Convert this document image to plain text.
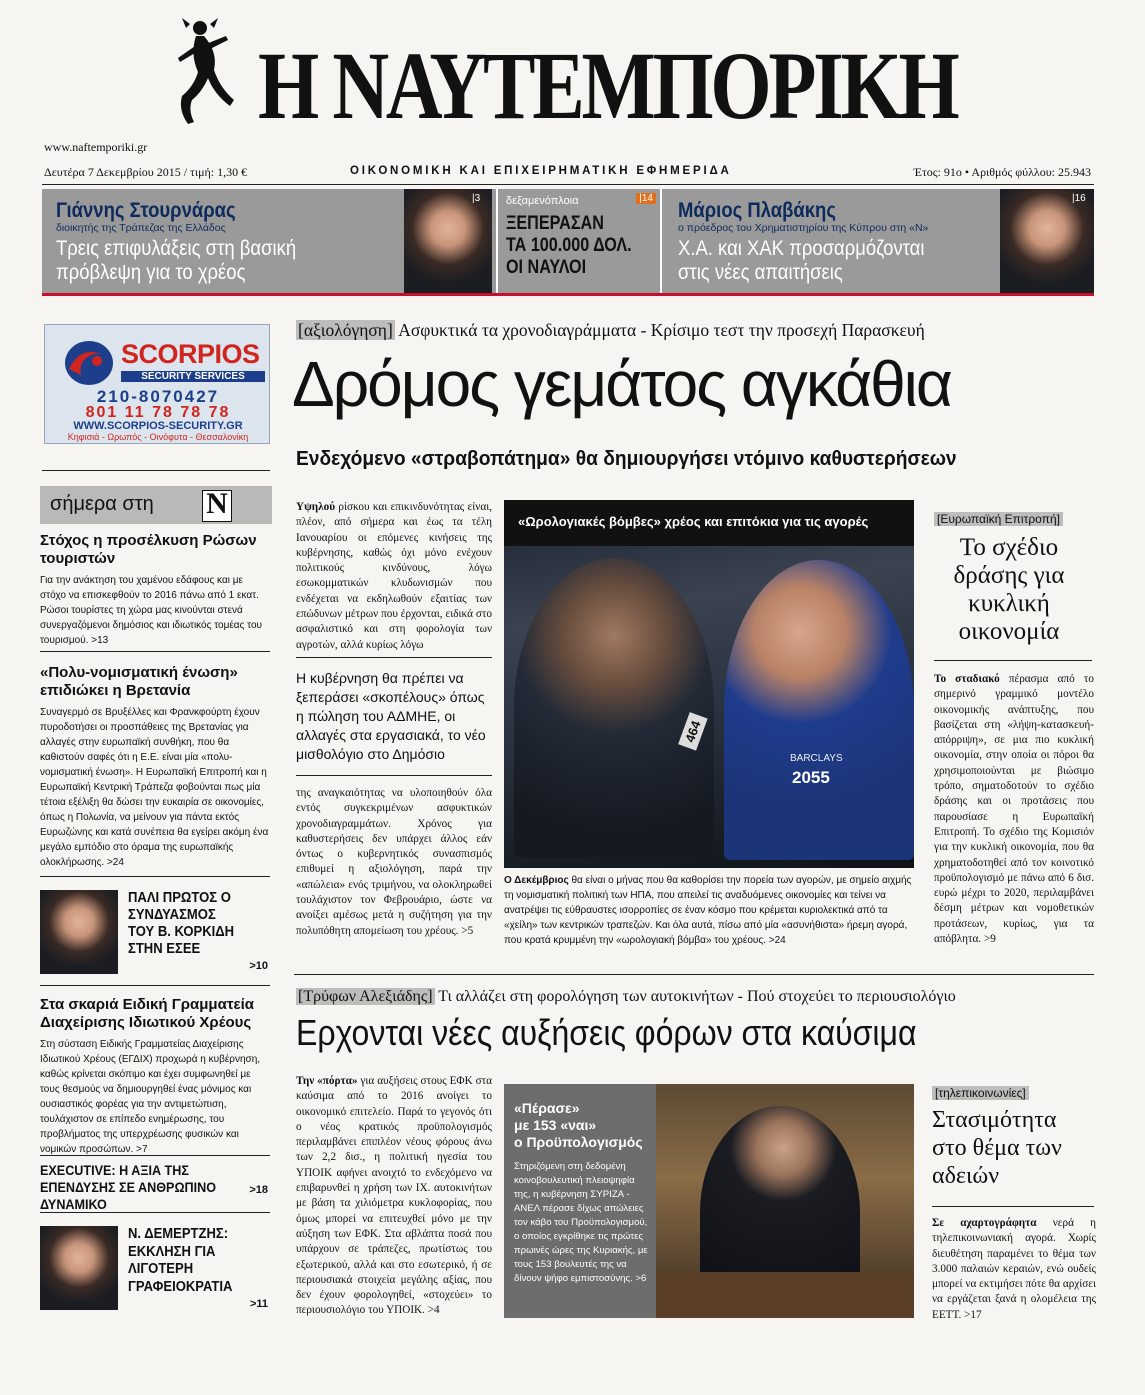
Η ΝΑΥΤΕΜΠΟΡΙΚΗ
www.naftemporiki.gr
Δευτέρα 7 Δεκεμβρίου 2015 / τιμή: 1,30 €	ΟΙΚΟΝΟΜΙΚΗ ΚΑΙ ΕΠΙΧΕΙΡΗΜΑΤΙΚΗ ΕΦΗΜΕΡΙΔΑ	Έτος: 91ο • Αριθμός φύλλου: 25.943
Γιάννης Στουρνάρας
διοικητής της Τράπεζας της Ελλάδος
Τρεις επιφυλάξεις στη βασική
πρόβλεψη για το χρέος
|3 δεξαμενόπλοια	|14
ΞΕΠΕΡΑΣΑΝ
ΤΑ 100.000 ΔΟΛ.
ΟΙ ΝΑΥΛΟΙ
Μάριος Πλαβάκης
ο πρόεδρος του Χρηματιστηρίου της Κύπρου στη «Ν»
Χ.Α. και ΧΑΚ προσαρμόζονται
στις νέες απαιτήσεις
|16
SCORPIOS
SECURITY SERVICES
210-8070427
801 11 78 78 78
WWW.SCORPIOS-SECURITY.GR
Κηφισιά - Ωρωπός - Οινόφυτα - Θεσσαλονίκη
σήμερα στη Ν
Στόχος η προσέλκυση Ρώσων τουριστών
Για την ανάκτηση του χαμένου εδάφους και με στόχο να επισκεφθούν το 2016 πάνω από 1 εκατ. Ρώσοι τουρίστες τη χώρα μας κινούνται στενά συνεργαζόμενοι δημόσιος και ιδιωτικός τομέας του τουρισμού. >13
«Πολυ-νομισματική ένωση» επιδιώκει η Βρετανία
Συναγερμό σε Βρυξέλλες και Φρανκφούρτη έχουν πυροδοτήσει οι προσπάθειες της Βρετανίας για αλλαγές στην ευρωπαϊκή συνθήκη, που θα καθιστούν σαφές ότι η Ε.Ε. είναι μία «πολυ-νομισματική ένωση». Η Ευρωπαϊκή Επιτροπή και η Ευρωπαϊκή Κεντρική Τράπεζα φοβούνται πως μία τέτοια εξέλιξη θα δώσει την ευκαιρία σε οικονομίες, όπως η Πολωνία, να μείνουν για πάντα εκτός Ευρωζώνης και κατά συνέπεια θα εγείρει ακόμη ένα μεγάλο εμπόδιο στο όραμα της ευρωπαϊκής ολοκλήρωσης. >24
ΠΑΛΙ ΠΡΩΤΟΣ Ο ΣΥΝΔΥΑΣΜΟΣ ΤΟΥ Β. ΚΟΡΚΙΔΗ ΣΤΗΝ ΕΣΕΕ
>10
Στα σκαριά Ειδική Γραμματεία Διαχείρισης Ιδιωτικού Χρέους
Στη σύσταση Ειδικής Γραμματείας Διαχείρισης Ιδιωτικού Χρέους (ΕΓΔΙΧ) προχωρά η κυβέρνηση, καθώς κρίνεται σκόπιμο και έχει συμφωνηθεί με τους θεσμούς να δημιουργηθεί ένας μόνιμος και ουσιαστικός φορέας για την αντιμετώπιση, τουλάχιστον σε επίπεδο ενημέρωσης, του προβλήματος της υπερχρέωσης φυσικών και νομικών προσώπων. >7
EXECUTIVE: Η ΑΞΙΑ ΤΗΣ ΕΠΕΝΔΥΣΗΣ ΣΕ ΑΝΘΡΩΠΙΝΟ ΔΥΝΑΜΙΚΟ
>18
Ν. ΔΕΜΕΡΤΖΗΣ: ΕΚΚΛΗΣΗ ΓΙΑ ΛΙΓΟΤΕΡΗ ΓΡΑΦΕΙΟΚΡΑΤΙΑ
>11
[αξιολόγηση] Ασφυκτικά τα χρονοδιαγράμματα - Κρίσιμο τεστ την προσεχή Παρασκευή
Δρόμος γεμάτος αγκάθια
Ενδεχόμενο «στραβοπάτημα» θα δημιουργήσει ντόμινο καθυστερήσεων
Υψηλού ρίσκου και επικινδυνότητας είναι, πλέον, από σήμερα και έως τα τέλη Ιανουαρίου οι επόμενες κινήσεις της κυβέρνησης, καθώς όχι μόνο ενέχουν πολιτικούς κινδύνους, λόγω εσωκομματικών κλυδωνισμών που ενδέχεται να εκδηλωθούν εξαιτίας των επώδυνων μέτρων που έρχονται, ειδικά στο ασφαλιστικό και στη φορολογία των αγροτών, αλλά κυρίως λόγω
Η κυβέρνηση θα πρέπει να ξεπεράσει «σκοπέλους» όπως η πώληση του ΑΔΜΗΕ, οι αλλαγές στα εργασιακά, το νέο μισθολόγιο στο Δημόσιο
της αναγκαιότητας να υλοποιηθούν όλα εντός συγκεκριμένων ασφυκτικών χρονοδιαγραμμάτων. Χρόνος για καθυστερήσεις δεν υπάρχει άλλος εάν όντως ο κυβερνητικός συνασπισμός επιθυμεί η αξιολόγηση, παρά την «απώλεια» ενός τριμήνου, να ολοκληρωθεί τουλάχιστον τον Φεβρουάριο, ώστε να ανοίξει αμέσως μετά η συζήτηση για την πολυπόθητη απομείωση του χρέους. >5
464
BARCLAYS
2055
«Ωρολογιακές βόμβες» χρέος και επιτόκια για τις αγορές
Ο Δεκέμβριος θα είναι ο μήνας που θα καθορίσει την πορεία των αγορών, με σημείο αιχμής τη νομισματική πολιτική των ΗΠΑ, που απειλεί τις αναδυόμενες οικονομίες και τείνει να ανατρέψει τις εύθραυστες ισορροπίες σε έναν κόσμο που κρέμεται κυριολεκτικά από τα «χείλη» των κεντρικών τραπεζών. Και όλα αυτά, πίσω από μία «ασυνήθιστα» ήρεμη αγορά, που κρατά κρυμμένη την «ωρολογιακή βόμβα» του χρέους. >24
[Ευρωπαϊκή Επιτροπή]
Το σχέδιο δράσης για κυκλική οικονομία
Το σταδιακό πέρασμα από το σημερινό γραμμικό μοντέλο οικονομικής ανάπτυξης, που βασίζεται στη «λήψη-κατασκευή-απόρριψη», σε μια πιο κυκλική οικονομία, στην οποία οι πόροι θα χρησιμοποιούνται με βιώσιμο τρόπο, σηματοδοτούν το σχέδιο δράσης και οι προτάσεις που παρουσίασε η Ευρωπαϊκή Επιτροπή. Το σχέδιο της Κομισιόν για την κυκλική οικονομία, που θα χρηματοδοτηθεί από τον κοινοτικό προϋπολογισμό με πάνω από 6 δισ. ευρώ μέχρι το 2020, περιλαμβάνει δέσμη μέτρων και νομοθετικών προτάσεων, κυρίως, για τα απόβλητα. >9
[Τρύφων Αλεξιάδης] Τι αλλάζει στη φορολόγηση των αυτοκινήτων - Πού στοχεύει το περιουσιολόγιο
Ερχονται νέες αυξήσεις φόρων στα καύσιμα
Την «πόρτα» για αυξήσεις στους ΕΦΚ στα καύσιμα από το 2016 ανοίγει το οικονομικό επιτελείο. Παρά το γεγονός ότι ο νέος κρατικός προϋπολογισμός περιλαμβάνει επιπλέον νέους φόρους άνω των 2,2 δισ., η πολιτική ηγεσία του ΥΠΟΙΚ αφήνει ανοιχτό το ενδεχόμενο να επιβαρυνθεί η χρήση των ΙΧ. αυτοκινήτων με βάση τα χιλιόμετρα κυκλοφορίας, που όμως μπορεί να επιτευχθεί μόνο με την αύξηση των ΕΦΚ. Στα αβλάπτα ποσά που υπάρχουν σε τράπεζες, πρωτίστως του εξωτερικού, αλλά και στο εσωτερικό, ή σε περιουσιακά στοιχεία μεγάλης αξίας, που δεν έχουν φορολογηθεί, «στοχεύει» το περιουσιολόγιο του ΥΠΟΙΚ. >4
«Πέρασε»
με 153 «ναι»
ο Προϋπολογισμός
Στηριζόμενη στη δεδομένη κοινοβουλευτική πλειοψηφία της, η κυβέρνηση ΣΥΡΙΖΑ - ΑΝΕΛ πέρασε δίχως απώλειες τον κάβο του Προϋπολογισμού, ο οποίος εγκρίθηκε τις πρώτες πρωινές ώρες της Κυριακής, με τους 153 βουλευτές της να δίνουν ψήφο εμπιστοσύνης. >6
[τηλεπικοινωνίες]
Στασιμότητα στο θέμα των αδειών
Σε αχαρτογράφητα νερά η τηλεπικοινωνιακή αγορά. Χωρίς διευθέτηση παραμένει το θέμα των 3.000 παλαιών κεραιών, ενώ ουδείς μπορεί να εκτιμήσει πότε θα αρχίσει να εργάζεται ξανά η ολομέλεια της ΕΕΤΤ. >17
